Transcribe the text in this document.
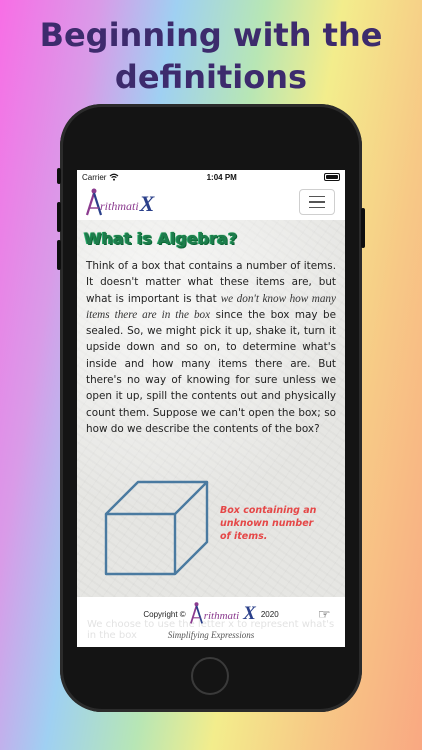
Beginning with the
definitions
Carrier	1:04 PM
rithmati X
What is Algebra?

Think of a box that contains a number of items. It doesn't matter what these items are, but what is important is that we don't know how many items there are in the box since the box may be sealed. So, we might pick it up, shake it, turn it upside down and so on, to determine what's inside and how many items there are. But there's no way of knowing for sure unless we open it up, spill the contents out and physically count them. Suppose we can't open the box; so how do we describe the contents of the box?

Box containing an
unknown number
of items.

We choose to use the letter x to represent what's in the box

Copyright © rithmati X 2020
Simplifying Expressions
☞
